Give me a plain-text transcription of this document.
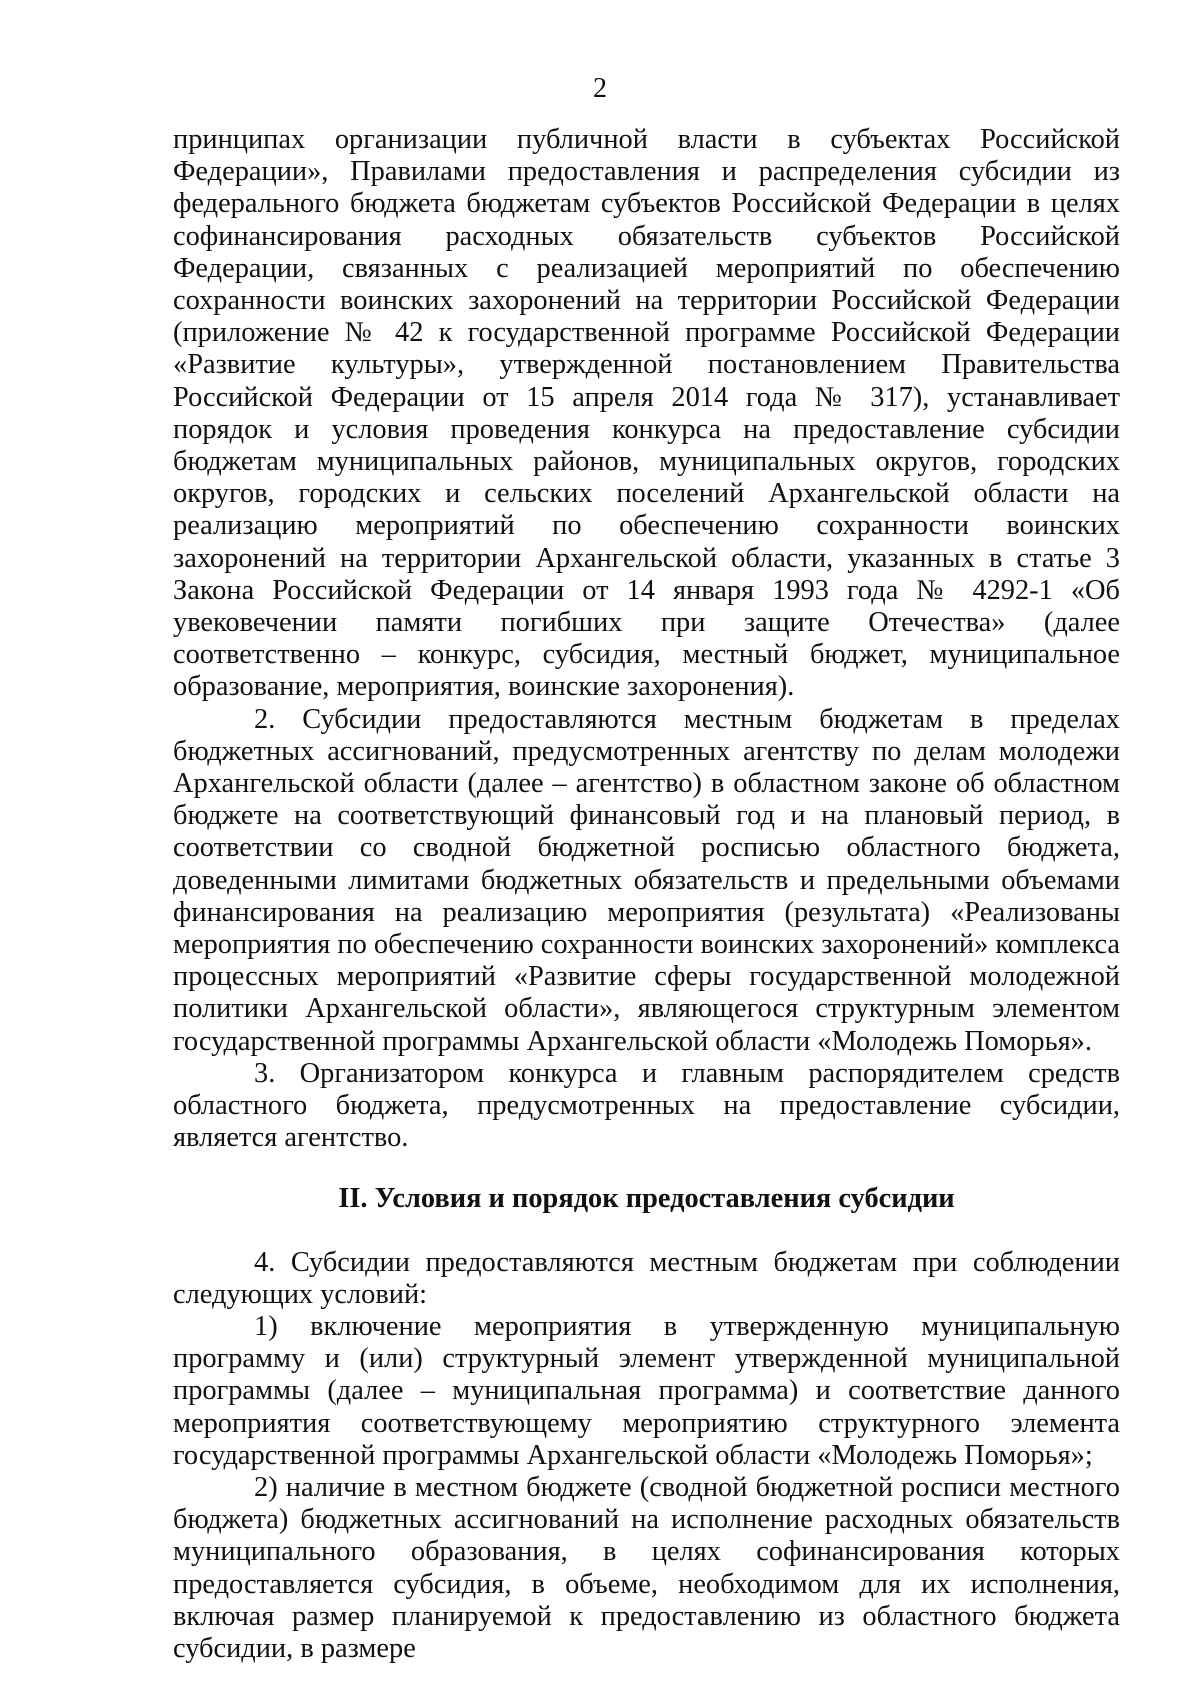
2

принципах организации публичной власти в субъектах Российской Федерации», Правилами предоставления и распределения субсидии из федерального бюджета бюджетам субъектов Российской Федерации в целях софинансирования расходных обязательств субъектов Российской Федерации, связанных с реализацией мероприятий по обеспечению сохранности воинских захоронений на территории Российской Федерации (приложение № 42 к государственной программе Российской Федерации «Развитие культуры», утвержденной постановлением Правительства Российской Федерации от 15 апреля 2014 года № 317), устанавливает порядок и условия проведения конкурса на предоставление субсидии бюджетам муниципальных районов, муниципальных округов, городских округов, городских и сельских поселений Архангельской области на реализацию мероприятий по обеспечению сохранности воинских захоронений на территории Архангельской области, указанных в статье 3 Закона Российской Федерации от 14 января 1993 года № 4292-1 «Об увековечении памяти погибших при защите Отечества» (далее соответственно – конкурс, субсидия, местный бюджет, муниципальное образование, мероприятия, воинские захоронения).

2. Субсидии предоставляются местным бюджетам в пределах бюджетных ассигнований, предусмотренных агентству по делам молодежи Архангельской области (далее – агентство) в областном законе об областном бюджете на соответствующий финансовый год и на плановый период, в соответствии со сводной бюджетной росписью областного бюджета, доведенными лимитами бюджетных обязательств и предельными объемами финансирования на реализацию мероприятия (результата) «Реализованы мероприятия по обеспечению сохранности воинских захоронений» комплекса процессных мероприятий «Развитие сферы государственной молодежной политики Архангельской области», являющегося структурным элементом государственной программы Архангельской области «Молодежь Поморья».

3. Организатором конкурса и главным распорядителем средств областного бюджета, предусмотренных на предоставление субсидии, является агентство.

II. Условия и порядок предоставления субсидии

4. Субсидии предоставляются местным бюджетам при соблюдении следующих условий:

1) включение мероприятия в утвержденную муниципальную программу и (или) структурный элемент утвержденной муниципальной программы (далее – муниципальная программа) и соответствие данного мероприятия соответствующему мероприятию структурного элемента государственной программы Архангельской области «Молодежь Поморья»;

2) наличие в местном бюджете (сводной бюджетной росписи местного бюджета) бюджетных ассигнований на исполнение расходных обязательств муниципального образования, в целях софинансирования которых предоставляется субсидия, в объеме, необходимом для их исполнения, включая размер планируемой к предоставлению из областного бюджета субсидии, в размере
